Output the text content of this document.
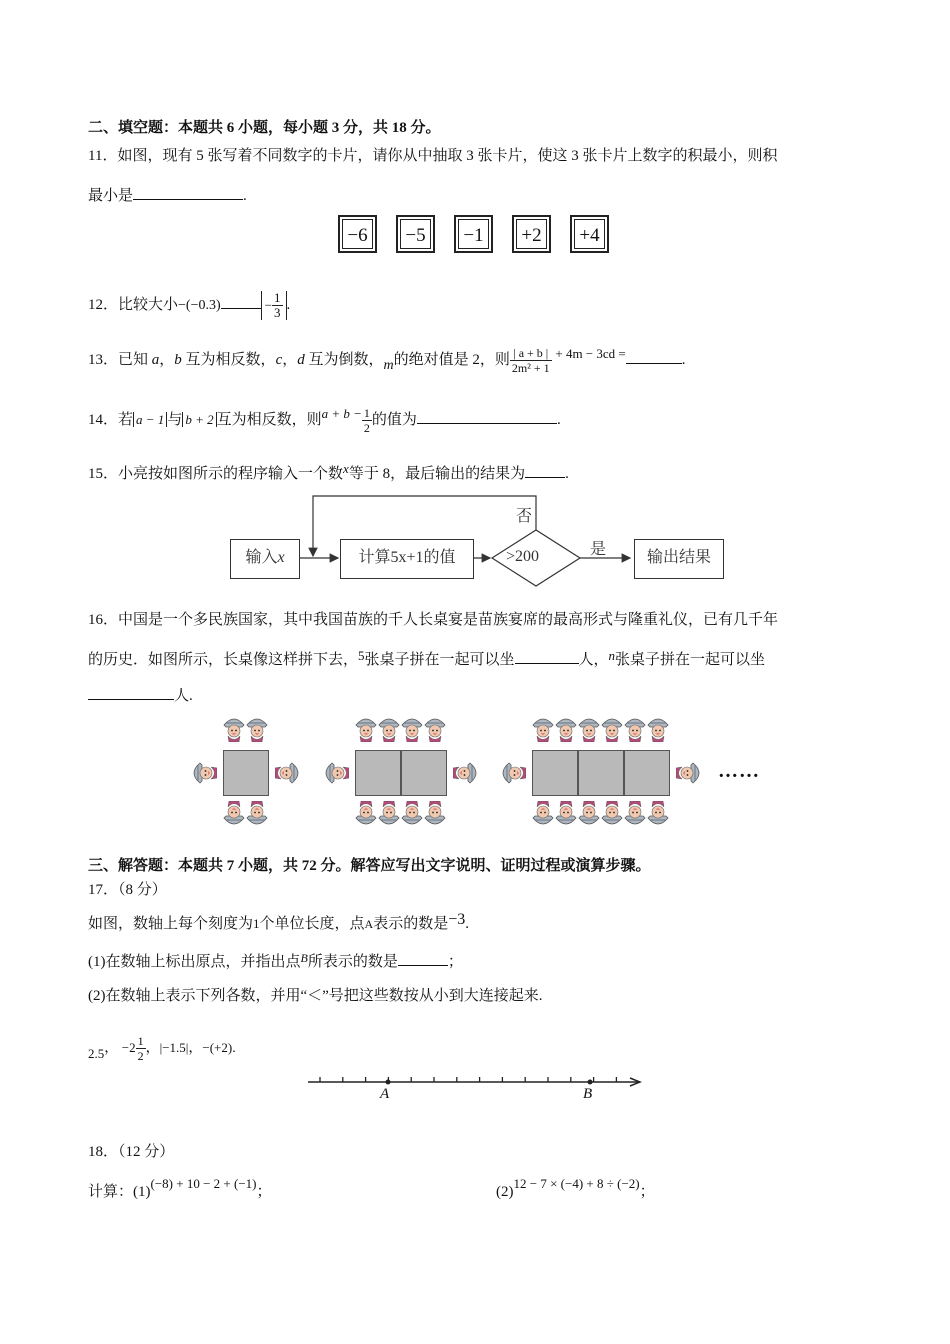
二、填空题：本题共 6 小题，每小题 3 分，共 18 分。
11．如图，现有 5 张写着不同数字的卡片，请你从中抽取 3 张卡片，使这 3 张卡片上数字的积最小，则积
最小是	.
−6	−5	−1	+2	+4
12．比较大小−(−0.3)	− $\frac{1}{3}$ .
13．已知 a，b 互为相反数，c，d 互为倒数，m的绝对值是 2，则 $\frac{| a + b |}{\text{2m² + 1}} + 4m - 3cd$ =	.
14．若 a − 1 与 b + 2 互为相反数，则$a + b - \frac{1}{2}$ 的值为	.
15．小亮按如图所示的程序输入一个数x等于 8，最后输出的结果为	.
输入x	计算5x+1的值	>200	是
否
输出结果
16．中国是一个多民族国家，其中我国苗族的千人长桌宴是苗族宴席的最高形式与隆重礼仪，已有几千年
的历史．如图所示，长桌像这样拼下去，5张桌子拼在一起可以坐	人，n张桌子拼在一起可以坐
人.
……
三、解答题：本题共 7 小题，共 72 分。解答应写出文字说明、证明过程或演算步骤。
17．（8 分）
如图，数轴上每个刻度为1个单位长度，点A表示的数是−3.
(1)在数轴上标出原点，并指出点$^B$所表示的数是	；
(2)在数轴上表示下列各数，并用“＜”号把这些数按从小到大连接起来.
2.5， $-2 \frac{1}{2}$ ，|−1.5|，−(+2).
A	B
18．（12 分）
计算：(1)(−8) + 10 − 2 + (−1)；	(2)12 − 7 × (−4) + 8 ÷ (−2)；
